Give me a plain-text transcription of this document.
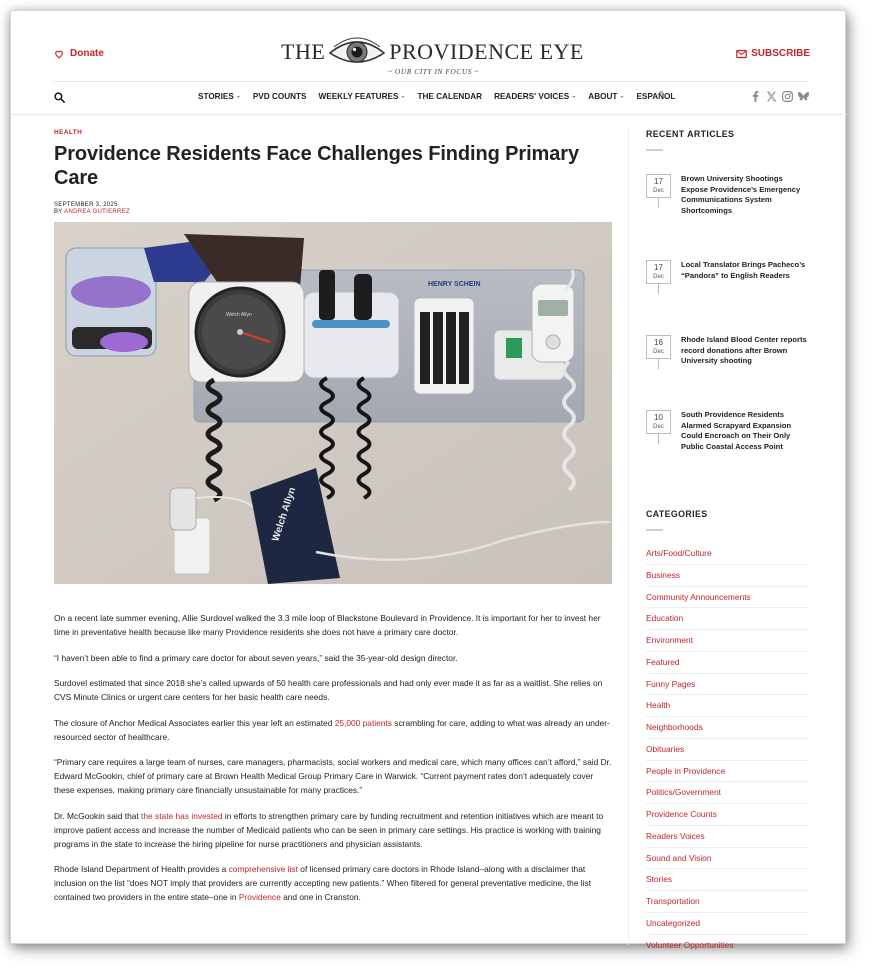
Donate	THE	PROVIDENCE EYE
~ OUR CITY IN FOCUS ~
SUBSCRIBE
STORIES ⌄ PVD COUNTS WEEKLY FEATURES ⌄ THE CALENDAR READERS' VOICES ⌄ ABOUT ⌄ ESPAÑOL
HEALTH
Providence Residents Face Challenges Finding Primary Care
SEPTEMBER 3, 2025
BY ANDREA GUTIERREZ
HENRY SCHEIN
Welch Allyn
Welch Allyn

On a recent late summer evening, Allie Surdovel walked the 3.3 mile loop of Blackstone Boulevard in Providence. It is important for her to invest her time in preventative health because like many Providence residents she does not have a primary care doctor.

“I haven’t been able to find a primary care doctor for about seven years,” said the 35-year-old design director.

Surdovel estimated that since 2018 she’s called upwards of 50 health care professionals and had only ever made it as far as a waitlist. She relies on CVS Minute Clinics or urgent care centers for her basic health care needs.

The closure of Anchor Medical Associates earlier this year left an estimated 25,000 patients scrambling for care, adding to what was already an under-resourced sector of healthcare.

“Primary care requires a large team of nurses, care managers, pharmacists, social workers and medical care, which many offices can’t afford,” said Dr. Edward McGookin, chief of primary care at Brown Health Medical Group Primary Care in Warwick. “Current payment rates don’t adequately cover these expenses, making primary care financially unsustainable for many practices.”

Dr. McGookin said that the state has invested in efforts to strengthen primary care by funding recruitment and retention initiatives which are meant to improve patient access and increase the number of Medicaid patients who can be seen in primary care settings. His practice is working with training programs in the state to increase the hiring pipeline for nurse practitioners and physician assistants.

Rhode Island Department of Health provides a comprehensive list of licensed primary care doctors in Rhode Island–along with a disclaimer that inclusion on the list “does NOT imply that providers are currently accepting new patients.” When filtered for general preventative medicine, the list contained two providers in the entire state–one in Providence and one in Cranston.

RECENT ARTICLES
17
Dec
Brown University Shootings Expose Providence’s Emergency Communications System Shortcomings
17
Dec
Local Translator Brings Pacheco’s “Pandora” to English Readers
16
Dec
Rhode Island Blood Center reports record donations after Brown University shooting
10
Dec
South Providence Residents Alarmed Scrapyard Expansion Could Encroach on Their Only Public Coastal Access Point
CATEGORIES
Arts/Food/Culture
Business
Community Announcements
Education
Environment
Featured
Funny Pages
Health
Neighborhoods
Obituaries
People in Providence
Politics/Government
Providence Counts
Readers Voices
Sound and Vision
Stories
Transportation
Uncategorized
Volunteer Opportunities
